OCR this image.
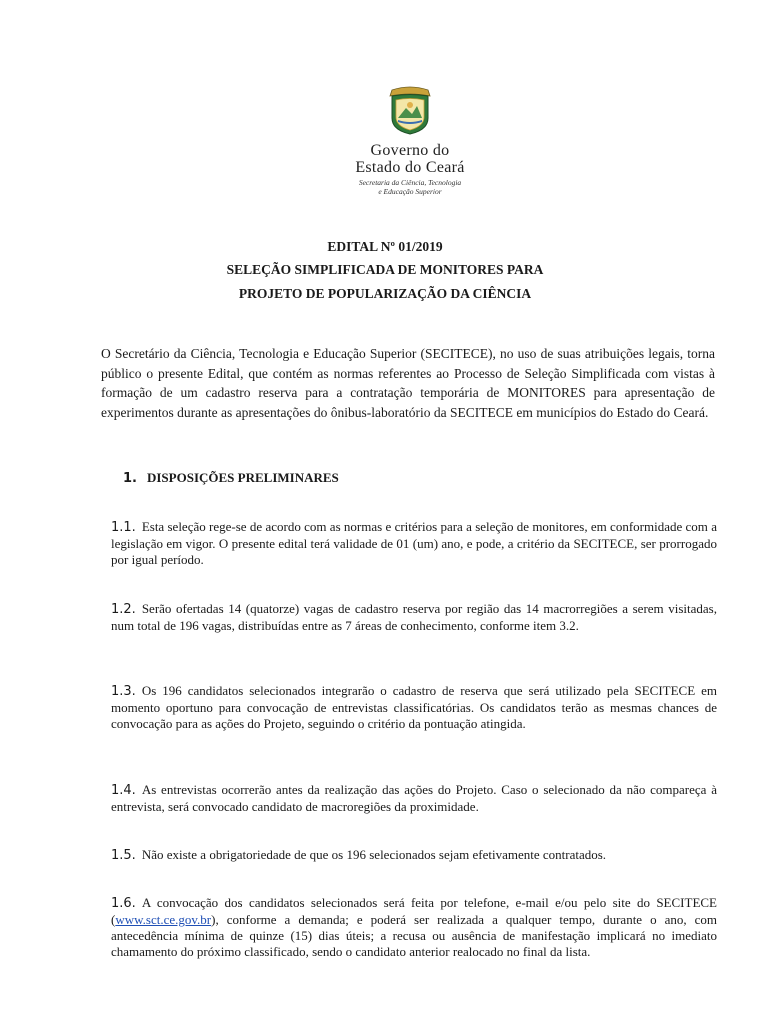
Governo do
Estado do Ceará
Secretaria da Ciência, Tecnologia
e Educação Superior
EDITAL Nº 01/2019
SELEÇÃO SIMPLIFICADA DE MONITORES PARA
PROJETO DE POPULARIZAÇÃO DA CIÊNCIA
O Secretário da Ciência, Tecnologia e Educação Superior (SECITECE), no uso de suas atribuições legais, torna público o presente Edital, que contém as normas referentes ao Processo de Seleção Simplificada com vistas à formação de um cadastro reserva para a contratação temporária de MONITORES para apresentação de experimentos durante as apresentações do ônibus-laboratório da SECITECE em municípios do Estado do Ceará.
1. DISPOSIÇÕES PRELIMINARES
1.1. Esta seleção rege-se de acordo com as normas e critérios para a seleção de monitores, em conformidade com a legislação em vigor. O presente edital terá validade de 01 (um) ano, e pode, a critério da SECITECE, ser prorrogado por igual período.
1.2. Serão ofertadas 14 (quatorze) vagas de cadastro reserva por região das 14 macrorregiões a serem visitadas, num total de 196 vagas, distribuídas entre as 7 áreas de conhecimento, conforme item 3.2.
1.3. Os 196 candidatos selecionados integrarão o cadastro de reserva que será utilizado pela SECITECE em momento oportuno para convocação de entrevistas classificatórias. Os candidatos terão as mesmas chances de convocação para as ações do Projeto, seguindo o critério da pontuação atingida.
1.4. As entrevistas ocorrerão antes da realização das ações do Projeto. Caso o selecionado da não compareça à entrevista, será convocado candidato de macroregiões da proximidade.
1.5. Não existe a obrigatoriedade de que os 196 selecionados sejam efetivamente contratados.
1.6. A convocação dos candidatos selecionados será feita por telefone, e-mail e/ou pelo site do SECITECE (www.sct.ce.gov.br), conforme a demanda; e poderá ser realizada a qualquer tempo, durante o ano, com antecedência mínima de quinze (15) dias úteis; a recusa ou ausência de manifestação implicará no imediato chamamento do próximo classificado, sendo o candidato anterior realocado no final da lista.
